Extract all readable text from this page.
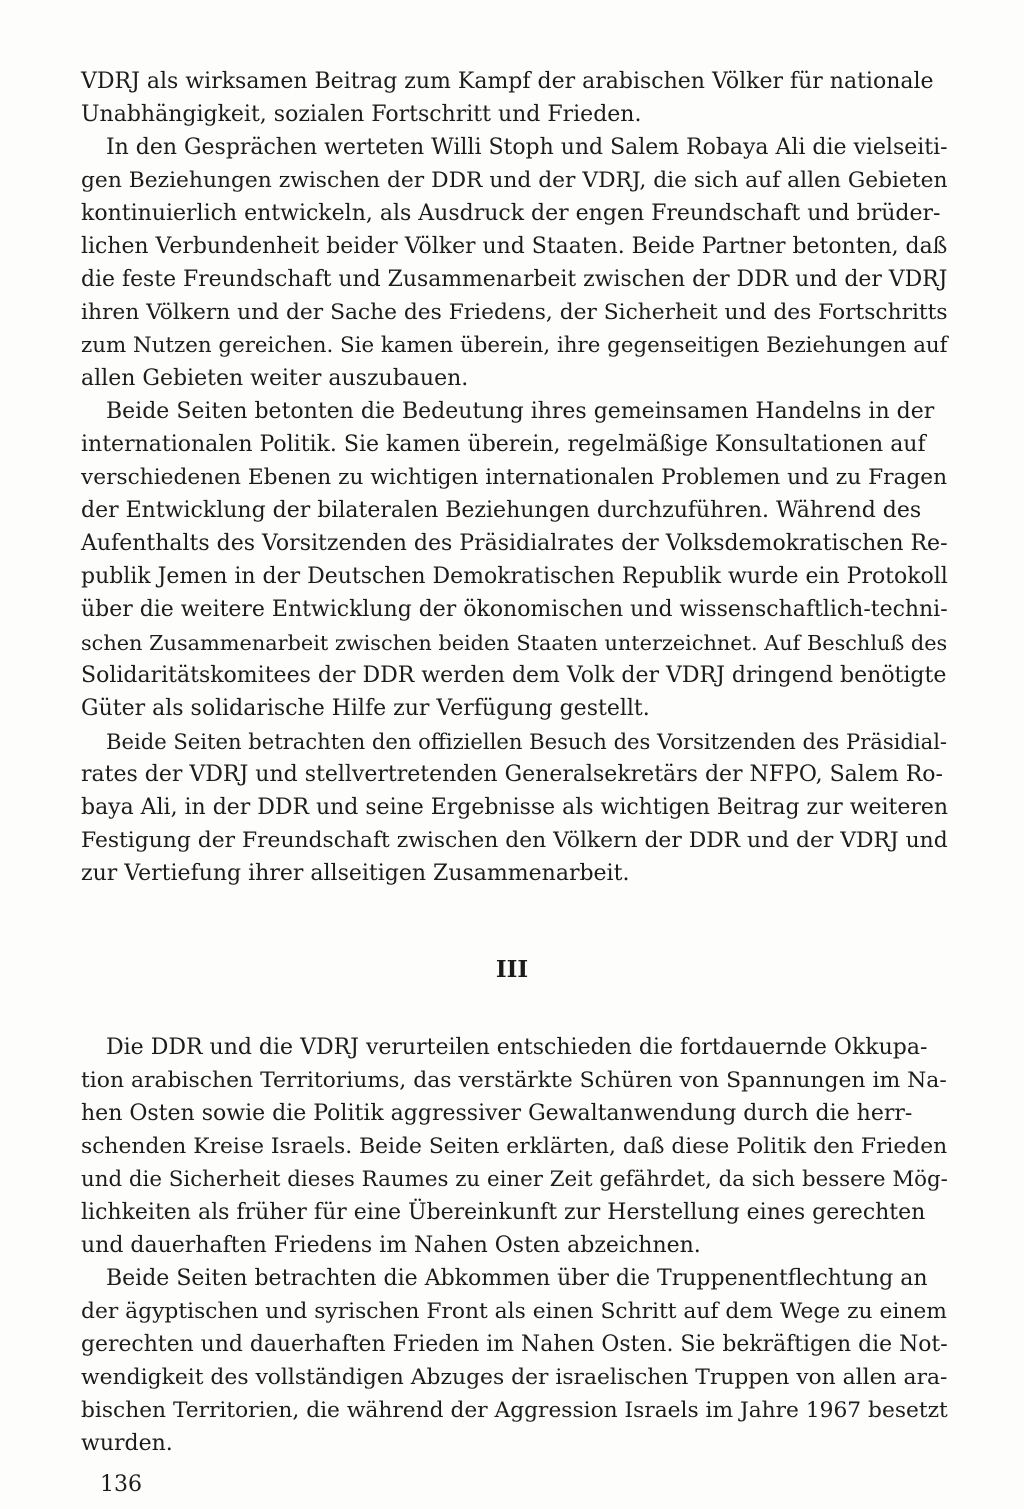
VDRJ als wirksamen Beitrag zum Kampf der arabischen Völker für nationale
Unabhängigkeit, sozialen Fortschritt und Frieden.
In den Gesprächen werteten Willi Stoph und Salem Robaya Ali die vielseiti-
gen Beziehungen zwischen der DDR und der VDRJ, die sich auf allen Gebieten
kontinuierlich entwickeln, als Ausdruck der engen Freundschaft und brüder-
lichen Verbundenheit beider Völker und Staaten. Beide Partner betonten, daß
die feste Freundschaft und Zusammenarbeit zwischen der DDR und der VDRJ
ihren Völkern und der Sache des Friedens, der Sicherheit und des Fortschritts
zum Nutzen gereichen. Sie kamen überein, ihre gegenseitigen Beziehungen auf
allen Gebieten weiter auszubauen.
Beide Seiten betonten die Bedeutung ihres gemeinsamen Handelns in der
internationalen Politik. Sie kamen überein, regelmäßige Konsultationen auf
verschiedenen Ebenen zu wichtigen internationalen Problemen und zu Fragen
der Entwicklung der bilateralen Beziehungen durchzuführen. Während des
Aufenthalts des Vorsitzenden des Präsidialrates der Volksdemokratischen Re-
publik Jemen in der Deutschen Demokratischen Republik wurde ein Protokoll
über die weitere Entwicklung der ökonomischen und wissenschaftlich-techni-
schen Zusammenarbeit zwischen beiden Staaten unterzeichnet. Auf Beschluß des
Solidaritätskomitees der DDR werden dem Volk der VDRJ dringend benötigte
Güter als solidarische Hilfe zur Verfügung gestellt.
Beide Seiten betrachten den offiziellen Besuch des Vorsitzenden des Präsidial-
rates der VDRJ und stellvertretenden Generalsekretärs der NFPO, Salem Ro-
baya Ali, in der DDR und seine Ergebnisse als wichtigen Beitrag zur weiteren
Festigung der Freundschaft zwischen den Völkern der DDR und der VDRJ und
zur Vertiefung ihrer allseitigen Zusammenarbeit.
III
Die DDR und die VDRJ verurteilen entschieden die fortdauernde Okkupa-
tion arabischen Territoriums, das verstärkte Schüren von Spannungen im Na-
hen Osten sowie die Politik aggressiver Gewaltanwendung durch die herr-
schenden Kreise Israels. Beide Seiten erklärten, daß diese Politik den Frieden
und die Sicherheit dieses Raumes zu einer Zeit gefährdet, da sich bessere Mög-
lichkeiten als früher für eine Übereinkunft zur Herstellung eines gerechten
und dauerhaften Friedens im Nahen Osten abzeichnen.
Beide Seiten betrachten die Abkommen über die Truppenentflechtung an
der ägyptischen und syrischen Front als einen Schritt auf dem Wege zu einem
gerechten und dauerhaften Frieden im Nahen Osten. Sie bekräftigen die Not-
wendigkeit des vollständigen Abzuges der israelischen Truppen von allen ara-
bischen Territorien, die während der Aggression Israels im Jahre 1967 besetzt
wurden.
136
